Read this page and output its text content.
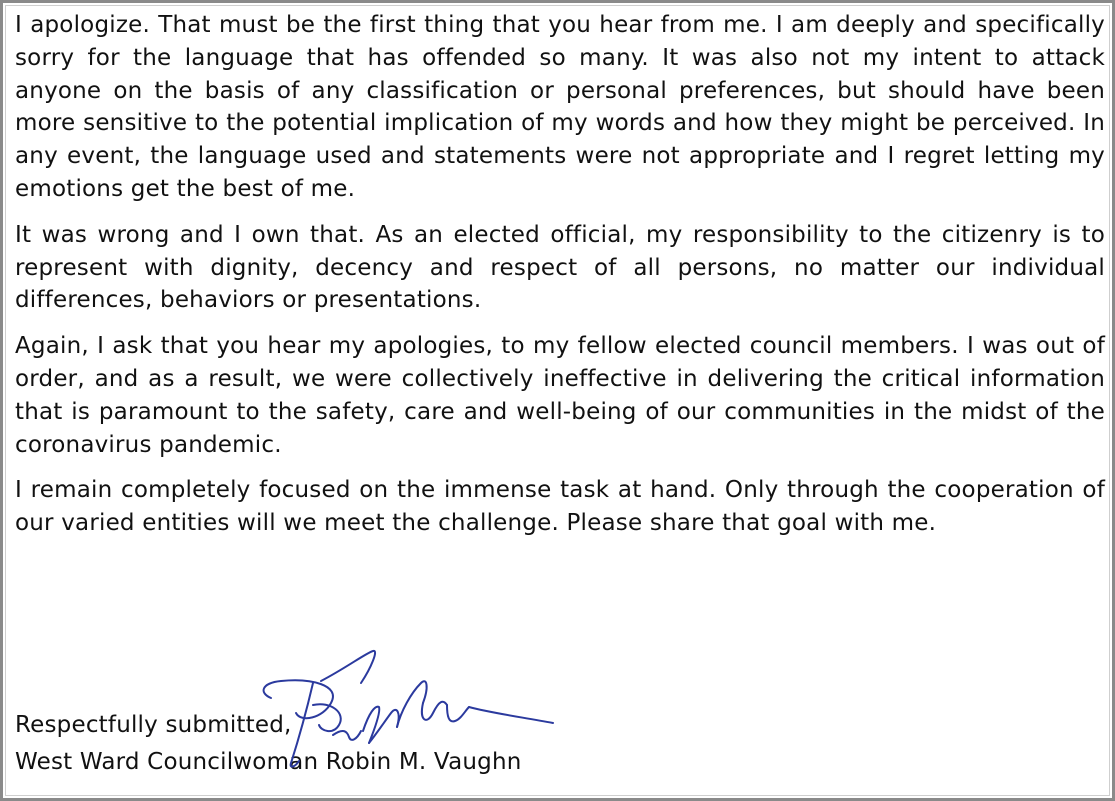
I apologize. That must be the first thing that you hear from me. I am deeply and specifically sorry for the language that has offended so many. It was also not my intent to attack anyone on the basis of any classification or personal preferences, but should have been more sensitive to the potential implication of my words and how they might be perceived. In any event, the language used and statements were not appropriate and I regret letting my emotions get the best of me.

It was wrong and I own that. As an elected official, my responsibility to the citizenry is to represent with dignity, decency and respect of all persons, no matter our individual differences, behaviors or presentations.

Again, I ask that you hear my apologies, to my fellow elected council members. I was out of order, and as a result, we were collectively ineffective in delivering the critical information that is paramount to the safety, care and well-being of our communities in the midst of the coronavirus pandemic.

I remain completely focused on the immense task at hand. Only through the cooperation of our varied entities will we meet the challenge. Please share that goal with me.

Respectfully submitted,

West Ward Councilwoman Robin M. Vaughn
